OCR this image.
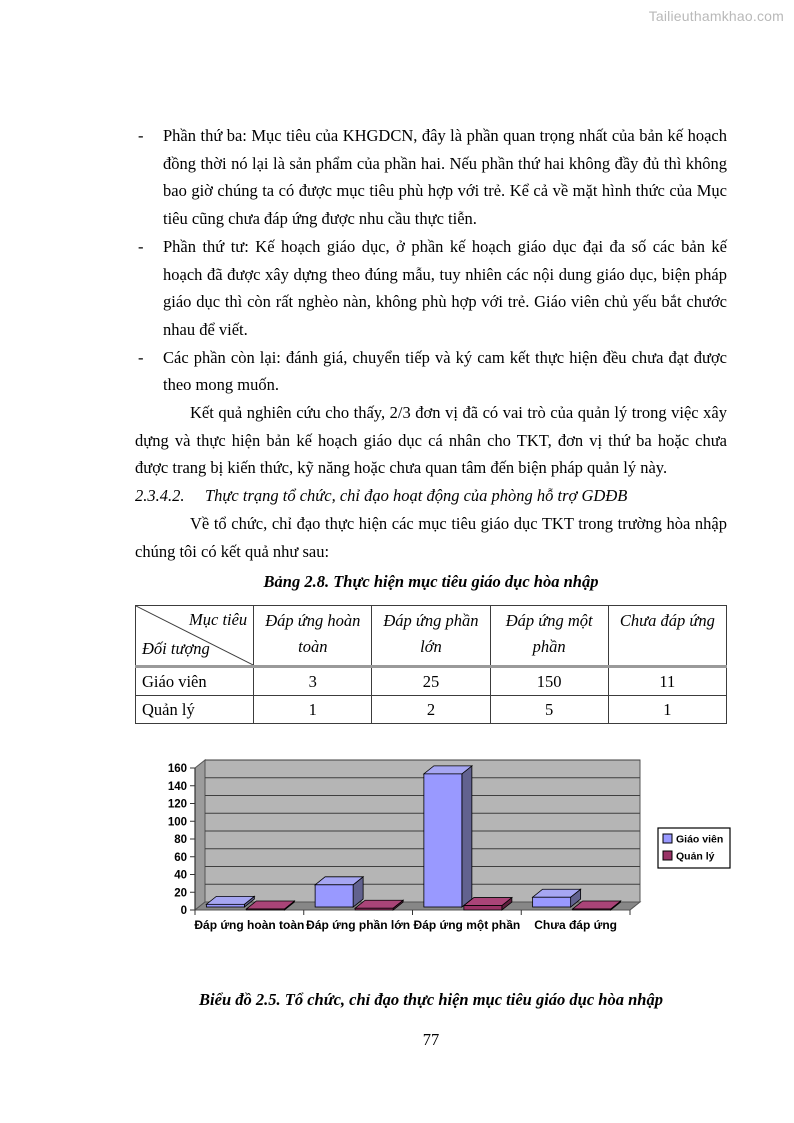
Tailieuthamkhao.com
- Phần thứ ba: Mục tiêu của KHGDCN, đây là phần quan trọng nhất của bản kế hoạch đồng thời nó lại là sản phẩm của phần hai. Nếu phần thứ hai không đầy đủ thì không bao giờ chúng ta có được mục tiêu phù hợp với trẻ. Kể cả về mặt hình thức của Mục tiêu cũng chưa đáp ứng được nhu cầu thực tiễn.
- Phần thứ tư: Kế hoạch giáo dục, ở phần kế hoạch giáo dục đại đa số các bản kế hoạch đã được xây dựng theo đúng mẫu, tuy nhiên các nội dung giáo dục, biện pháp giáo dục thì còn rất nghèo nàn, không phù hợp với trẻ. Giáo viên chủ yếu bắt chước nhau để viết.
- Các phần còn lại: đánh giá, chuyển tiếp và ký cam kết thực hiện đều chưa đạt được theo mong muốn.

Kết quả nghiên cứu cho thấy, 2/3 đơn vị đã có vai trò của quản lý trong việc xây dựng và thực hiện bản kế hoạch giáo dục cá nhân cho TKT, đơn vị thứ ba hoặc chưa được trang bị kiến thức, kỹ năng hoặc chưa quan tâm đến biện pháp quản lý này.

2.3.4.2. Thực trạng tổ chức, chỉ đạo hoạt động của phòng hỗ trợ GDĐB

Về tổ chức, chỉ đạo thực hiện các mục tiêu giáo dục TKT trong trường hòa nhập chúng tôi có kết quả như sau:

Bảng 2.8. Thực hiện mục tiêu giáo dục hòa nhập
Mục tiêu
Đối tượng	Đáp ứng hoàn toàn	Đáp ứng phần lớn	Đáp ứng một phần	Chưa đáp ứng
Giáo viên	3	25	150	11
Quản lý	1	2	5	1
0
20
40
60
80
100
120
140
160
Đáp ứng hoàn toàn Đáp ứng phần lớn Đáp ứng một phần Chưa đáp ứng
Giáo viên
Quản lý
Biểu đồ 2.5. Tổ chức, chỉ đạo thực hiện mục tiêu giáo dục hòa nhập
77
